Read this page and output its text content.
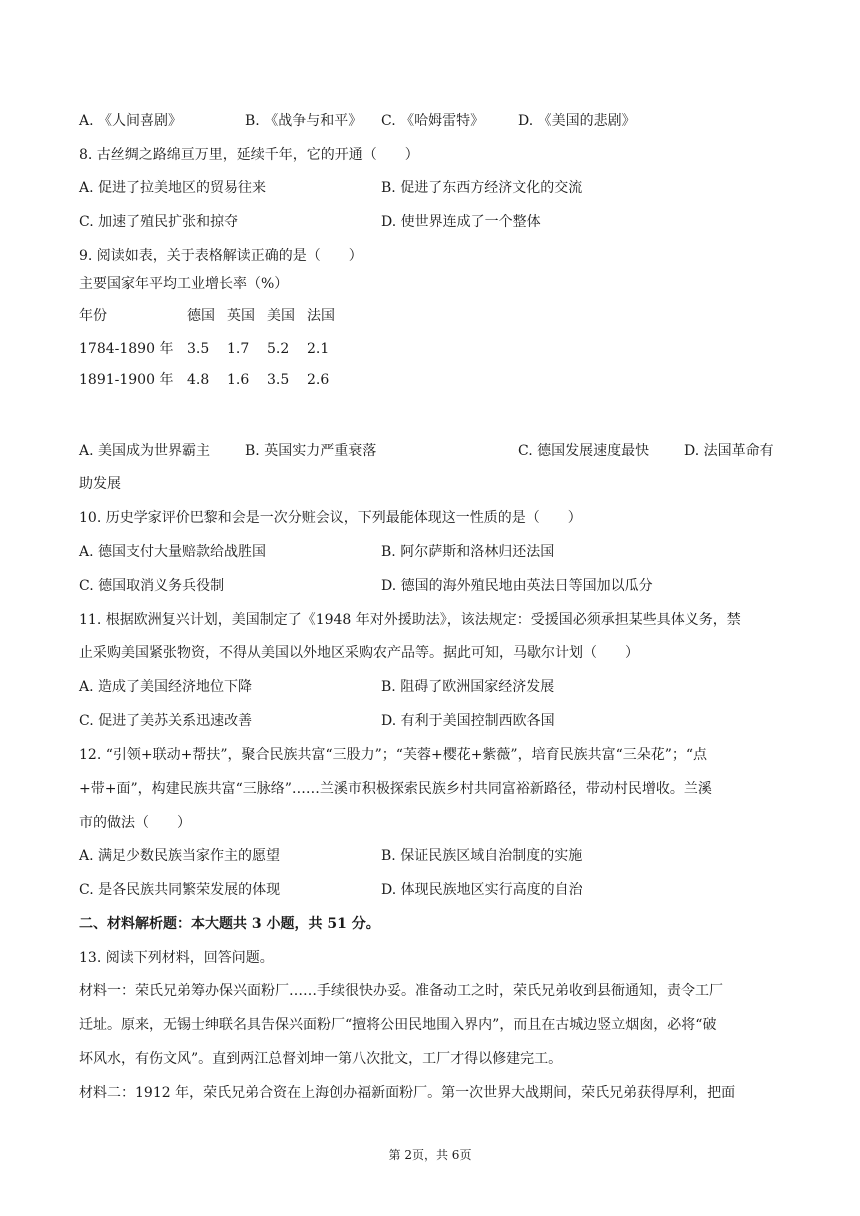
A. 《人间喜剧》	B. 《战争与和平》 C. 《哈姆雷特》 D. 《美国的悲剧》
8. 古丝绸之路绵亘万里，延续千年，它的开通（　　）
A. 促进了拉美地区的贸易往来	B. 促进了东西方经济文化的交流
C. 加速了殖民扩张和掠夺	D. 使世界连成了一个整体
9. 阅读如表，关于表格解读正确的是（　　）
主要国家年平均工业增长率（%）
年份	德国 英国 美国 法国
1784-1890 年 3.5 1.7 5.2 2.1
1891-1900 年 4.8 1.6 3.5 2.6
A. 美国成为世界霸主 B. 英国实力严重衰落	C. 德国发展速度最快 D. 法国革命有
助发展
10. 历史学家评价巴黎和会是一次分赃会议，下列最能体现这一性质的是（　　）
A. 德国支付大量赔款给战胜国	B. 阿尔萨斯和洛林归还法国
C. 德国取消义务兵役制	D. 德国的海外殖民地由英法日等国加以瓜分
11. 根据欧洲复兴计划，美国制定了《1948 年对外援助法》，该法规定：受援国必须承担某些具体义务，禁
止采购美国紧张物资，不得从美国以外地区采购农产品等。据此可知，马歇尔计划（　　）
A. 造成了美国经济地位下降	B. 阻碍了欧洲国家经济发展
C. 促进了美苏关系迅速改善	D. 有利于美国控制西欧各国
12. “引领+联动+帮扶”，聚合民族共富“三股力”；“芙蓉+樱花+紫薇”，培育民族共富“三朵花”；“点
+带+面”，构建民族共富“三脉络”……兰溪市积极探索民族乡村共同富裕新路径，带动村民增收。兰溪
市的做法（　　）
A. 满足少数民族当家作主的愿望	B. 保证民族区域自治制度的实施
C. 是各民族共同繁荣发展的体现	D. 体现民族地区实行高度的自治
二、材料解析题：本大题共 3 小题，共 51 分。
13. 阅读下列材料，回答问题。
材料一：荣氏兄弟筹办保兴面粉厂……手续很快办妥。准备动工之时，荣氏兄弟收到县衙通知，责令工厂
迁址。原来，无锡士绅联名具告保兴面粉厂“擅将公田民地围入界内”，而且在古城边竖立烟囱，必将“破
坏风水，有伤文风”。直到两江总督刘坤一第八次批文，工厂才得以修建完工。
材料二：1912 年，荣氏兄弟合资在上海创办福新面粉厂。第一次世界大战期间，荣氏兄弟获得厚利，把面
第 2页，共 6页
